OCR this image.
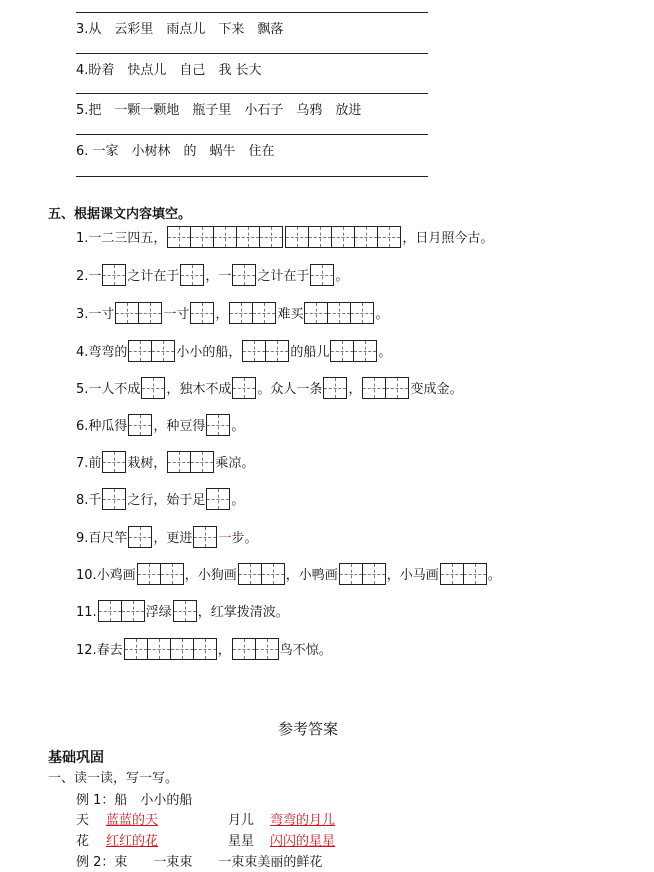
3.从　云彩里　雨点儿　下来　飘落
4.盼着　快点儿　自己　我 长大
5.把　一颗一颗地　瓶子里　小石子　乌鸦　放进
6. 一家　小树林　的　蜗牛　住在
五、根据课文内容填空。
1.一二三四五，	，日月照今古。
2.一 之计在于 ，一 之计在于 。
3.一寸	一寸 ，	难买	。
4.弯弯的	小小的船，	的船儿	。
5.一人不成 ，独木不成 。众人一条 ，	变成金。
6.种瓜得 ，种豆得 。
7.前 栽树，	乘凉。
8.千 之行，始于足 。
9.百尺竿 ，更进 一 步。
10.小鸡画	，小狗画	，小鸭画	，小马画	。
11.	浮绿 ，红掌拨清波。
12.春去	，	鸟不惊。
参考答案
基础巩固
一、读一读，写一写。
例 1：船　小小的船
天 蓝蓝的天	月儿 弯弯的月儿
花 红红的花	星星 闪闪的星星
例 2：束　　一束束　　一束束美丽的鲜花
